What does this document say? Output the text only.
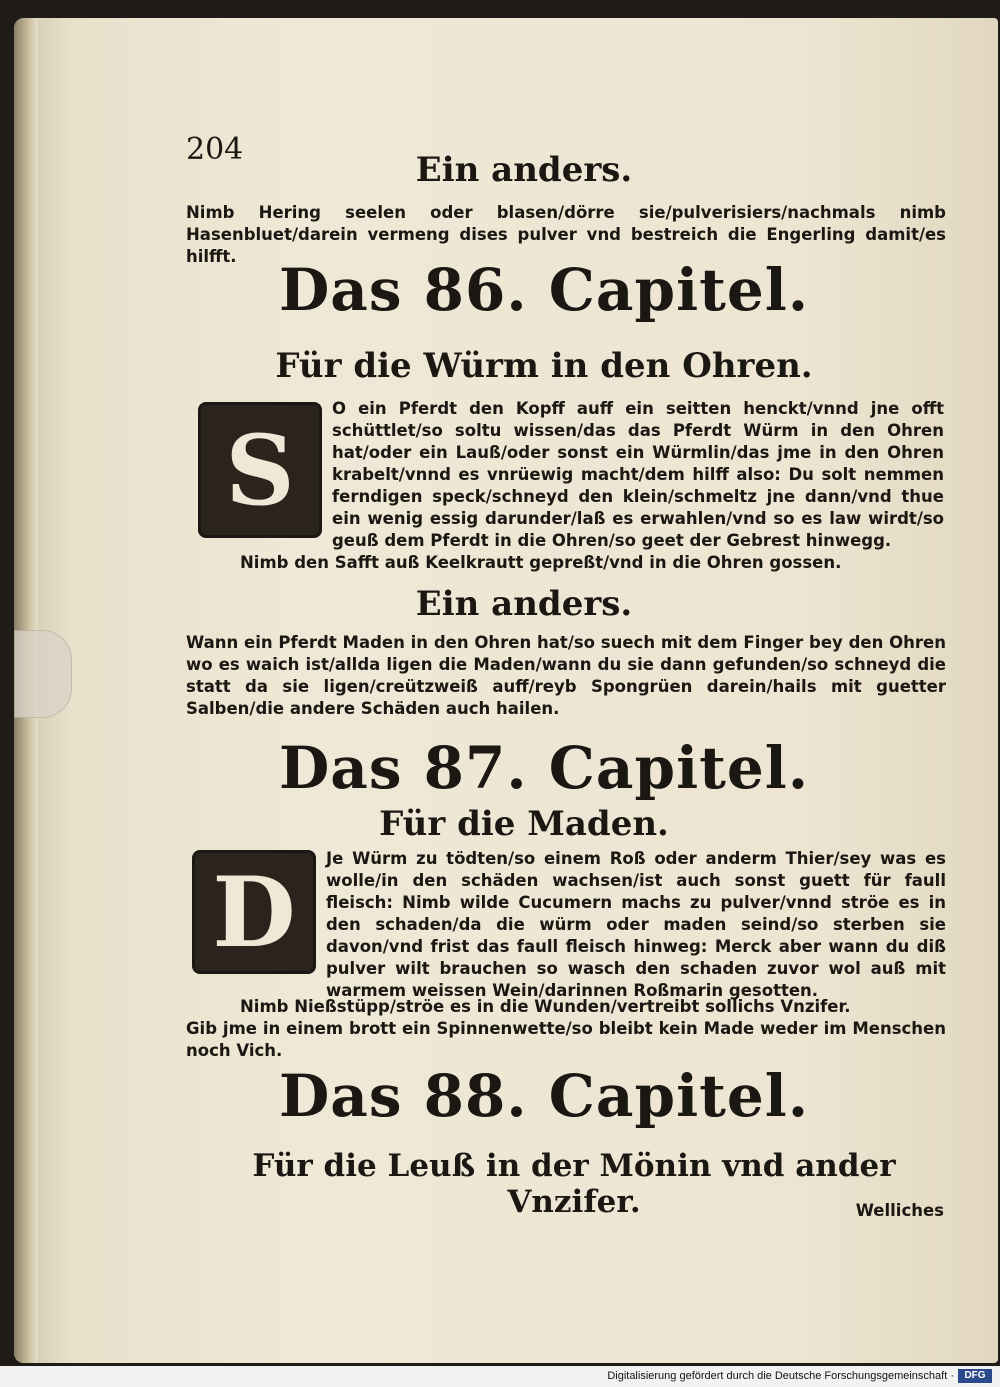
204

Ein anders.

Nimb Hering seelen oder blasen/dörre sie/pulverisiers/nachmals nimb Hasenbluet/darein vermeng dises pulver vnd bestreich die Engerling damit/es hilfft. Das 86. Capitel.

Für die Würm in den Ohren.

S

O ein Pferdt den Kopff auff ein seitten henckt/vnnd jne offt schüttlet/so soltu wissen/das das Pferdt Würm in den Ohren hat/oder ein Lauß/oder sonst ein Würmlin/das jme in den Ohren krabelt/vnnd es vnrüewig macht/dem hilff also: Du solt nemmen ferndigen speck/schneyd den klein/schmeltz jne dann/vnd thue ein wenig essig darunder/laß es erwahlen/vnd so es law wirdt/so geuß dem Pferdt in die Ohren/so geet der Gebrest hinwegg.

Nimb den Safft auß Keelkrautt gepreßt/vnd in die Ohren gossen.

Ein anders.

Wann ein Pferdt Maden in den Ohren hat/so suech mit dem Finger bey den Ohren wo es waich ist/allda ligen die Maden/wann du sie dann gefunden/so schneyd die statt da sie ligen/creützweiß auff/reyb Spongrüen darein/hails mit guetter Salben/die andere Schäden auch hailen.

Das 87. Capitel.

Für die Maden.

D	Je Würm zu tödten/so einem Roß oder anderm Thier/sey was es wolle/in den schäden wachsen/ist auch sonst guett für faull fleisch: Nimb wilde Cucumern machs zu pulver/vnnd ströe es in den schaden/da die würm oder maden seind/so sterben sie davon/vnd frist das faull fleisch hinweg: Merck aber wann du diß pulver wilt brauchen so wasch den schaden zuvor wol auß mit warmem weissen Wein/darinnen Roßmarin gesotten.

Nimb Nießstüpp/ströe es in die Wunden/vertreibt sollichs Vnzifer.

Gib jme in einem brott ein Spinnenwette/so bleibt kein Made weder im Menschen noch Vich.

Das 88. Capitel.

Für die Leuß in der Mönin vnd ander Vnzifer.	Welliches

Digitalisierung gefördert durch die Deutsche Forschungsgemeinschaft ·	DFG
